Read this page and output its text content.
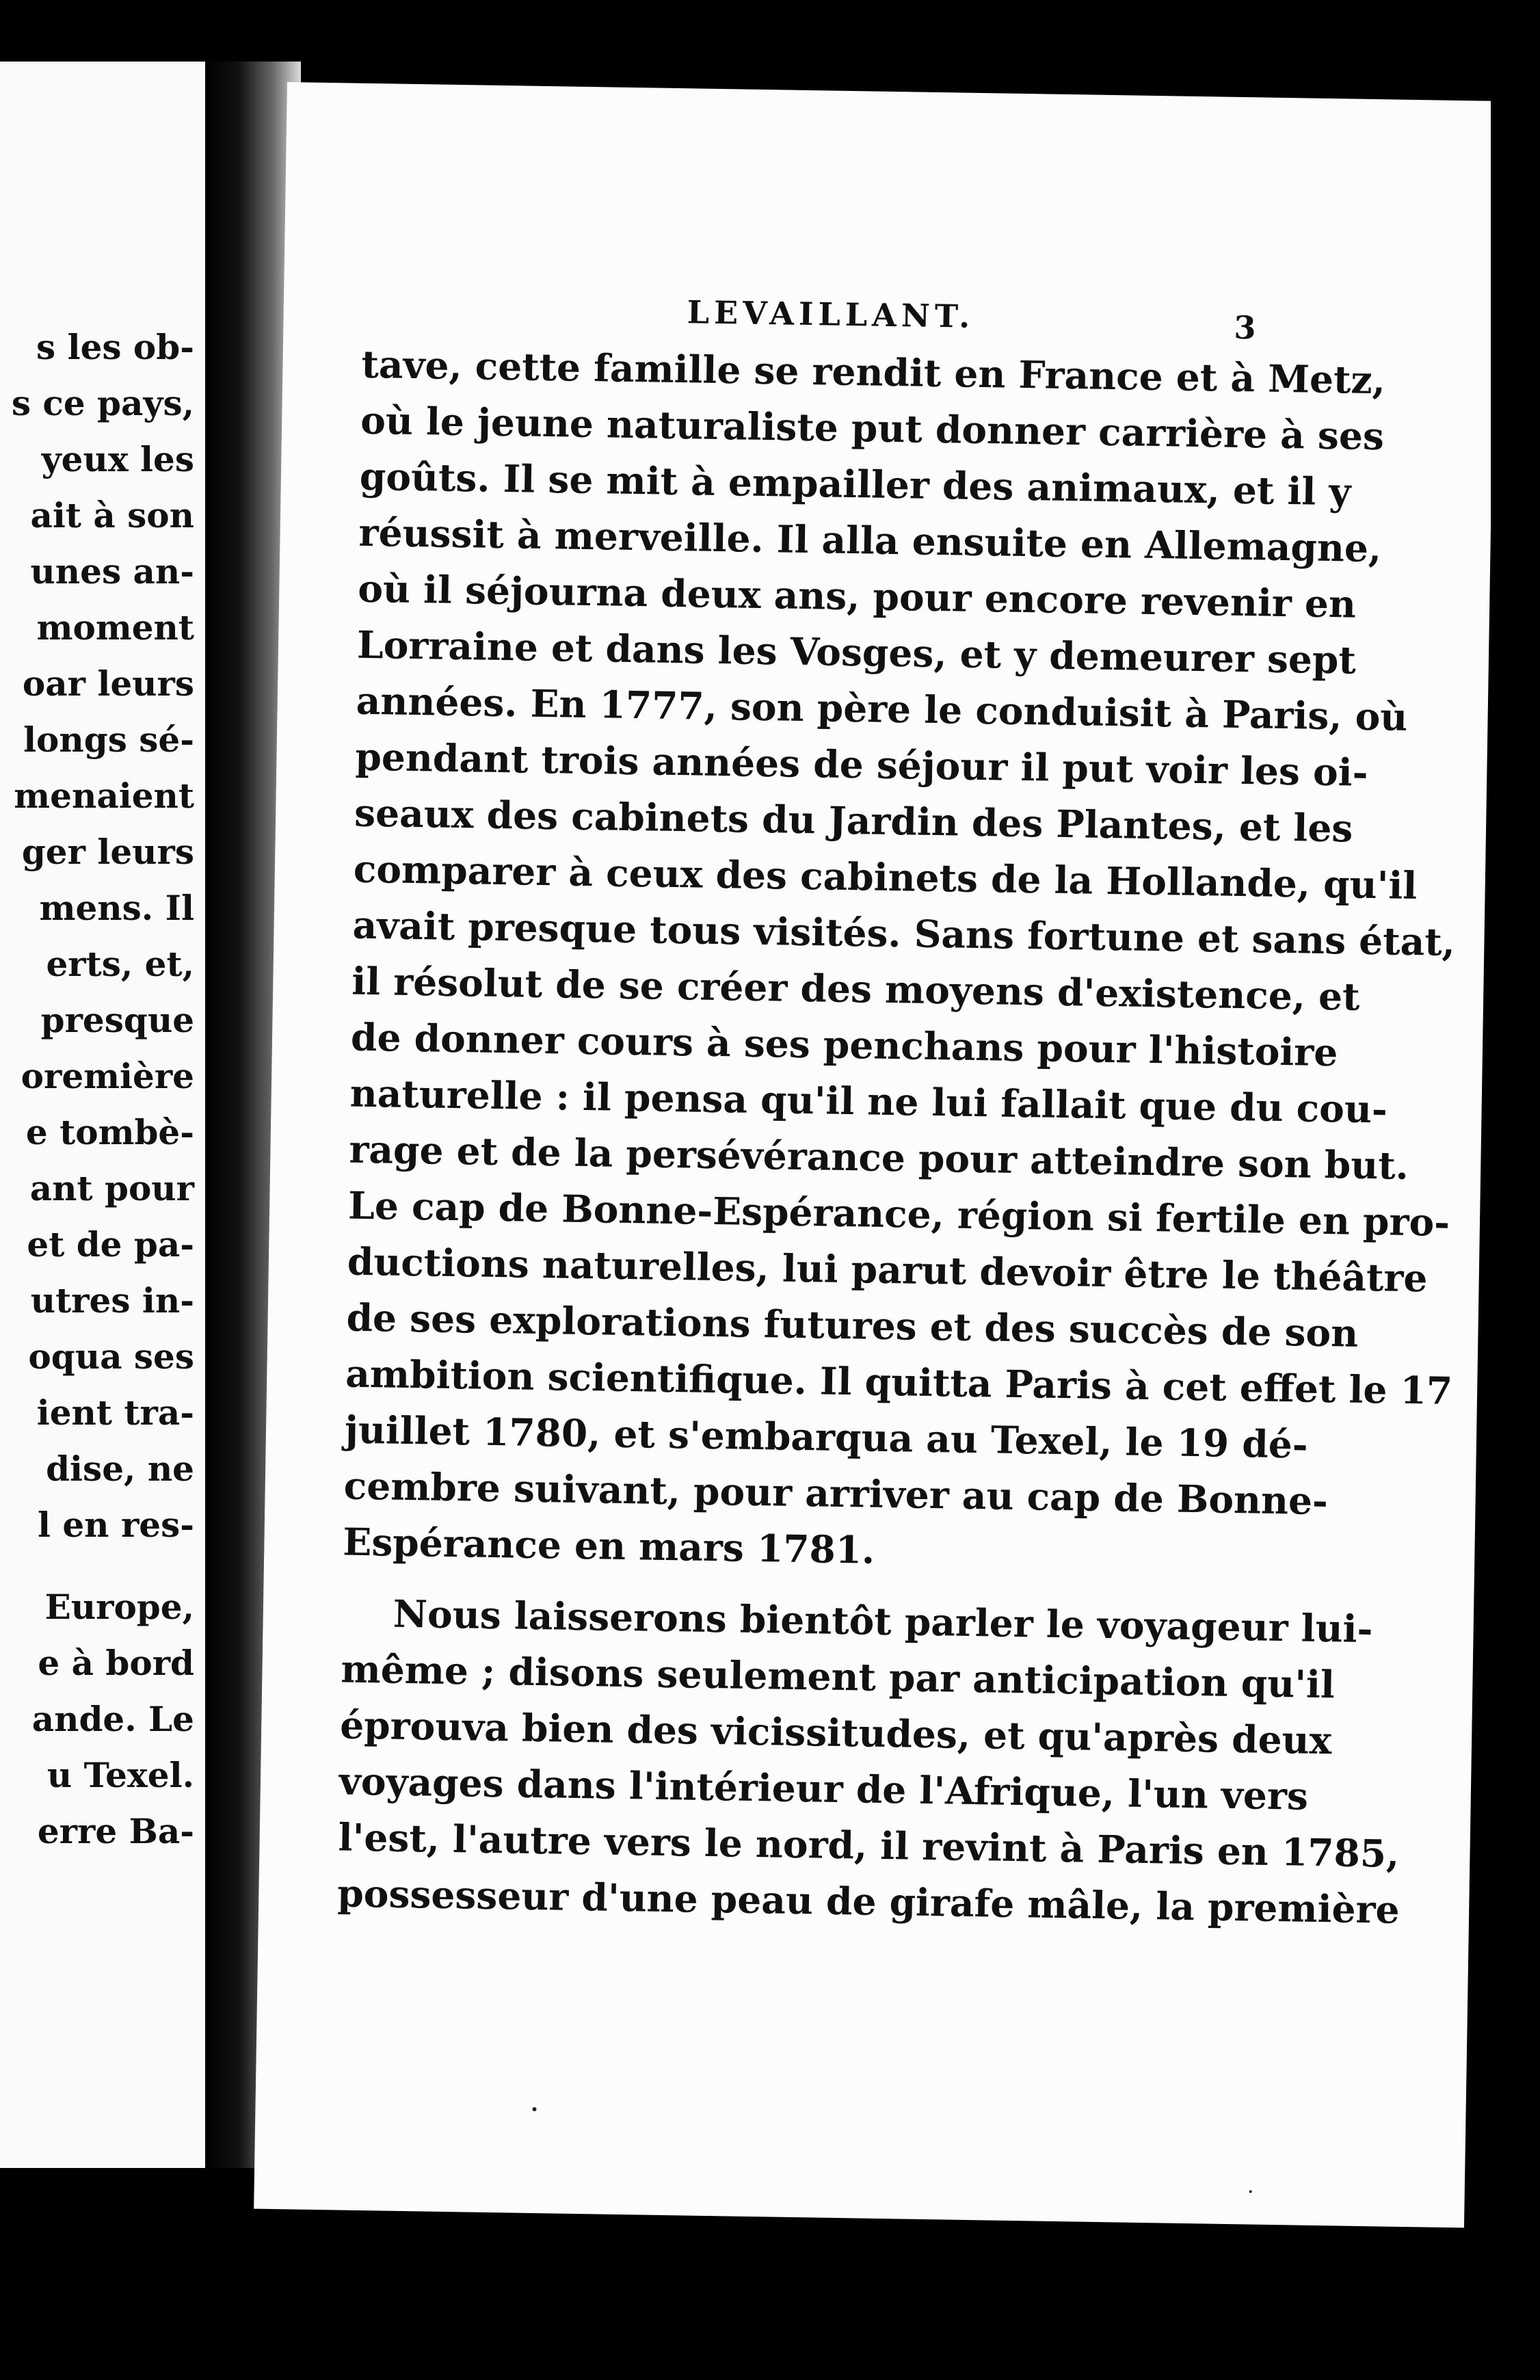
s les ob-
s ce pays,
yeux les
ait à son
unes an-
moment
oar leurs
longs sé-
menaient
ger leurs
mens. Il
erts, et,
presque
oremière
e tombè-
ant pour
et de pa-
utres in-
oqua ses
ient tra-
dise, ne
l en res-
Europe,
e à bord
ande. Le
u Texel.
erre Ba-
LEVAILLANT.	3
tave, cette famille se rendit en France et à Metz,
où le jeune naturaliste put donner carrière à ses
goûts. Il se mit à empailler des animaux, et il y
réussit à merveille. Il alla ensuite en Allemagne,
où il séjourna deux ans, pour encore revenir en
Lorraine et dans les Vosges, et y demeurer sept
années. En 1777, son père le conduisit à Paris, où
pendant trois années de séjour il put voir les oi-
seaux des cabinets du Jardin des Plantes, et les
comparer à ceux des cabinets de la Hollande, qu'il
avait presque tous visités. Sans fortune et sans état,
il résolut de se créer des moyens d'existence, et
de donner cours à ses penchans pour l'histoire
naturelle : il pensa qu'il ne lui fallait que du cou-
rage et de la persévérance pour atteindre son but.
Le cap de Bonne-Espérance, région si fertile en pro-
ductions naturelles, lui parut devoir être le théâtre
de ses explorations futures et des succès de son
ambition scientifique. Il quitta Paris à cet effet le 17
juillet 1780, et s'embarqua au Texel, le 19 dé-
cembre suivant, pour arriver au cap de Bonne-
Espérance en mars 1781.
Nous laisserons bientôt parler le voyageur lui-
même ; disons seulement par anticipation qu'il
éprouva bien des vicissitudes, et qu'après deux
voyages dans l'intérieur de l'Afrique, l'un vers
l'est, l'autre vers le nord, il revint à Paris en 1785,
possesseur d'une peau de girafe mâle, la première
